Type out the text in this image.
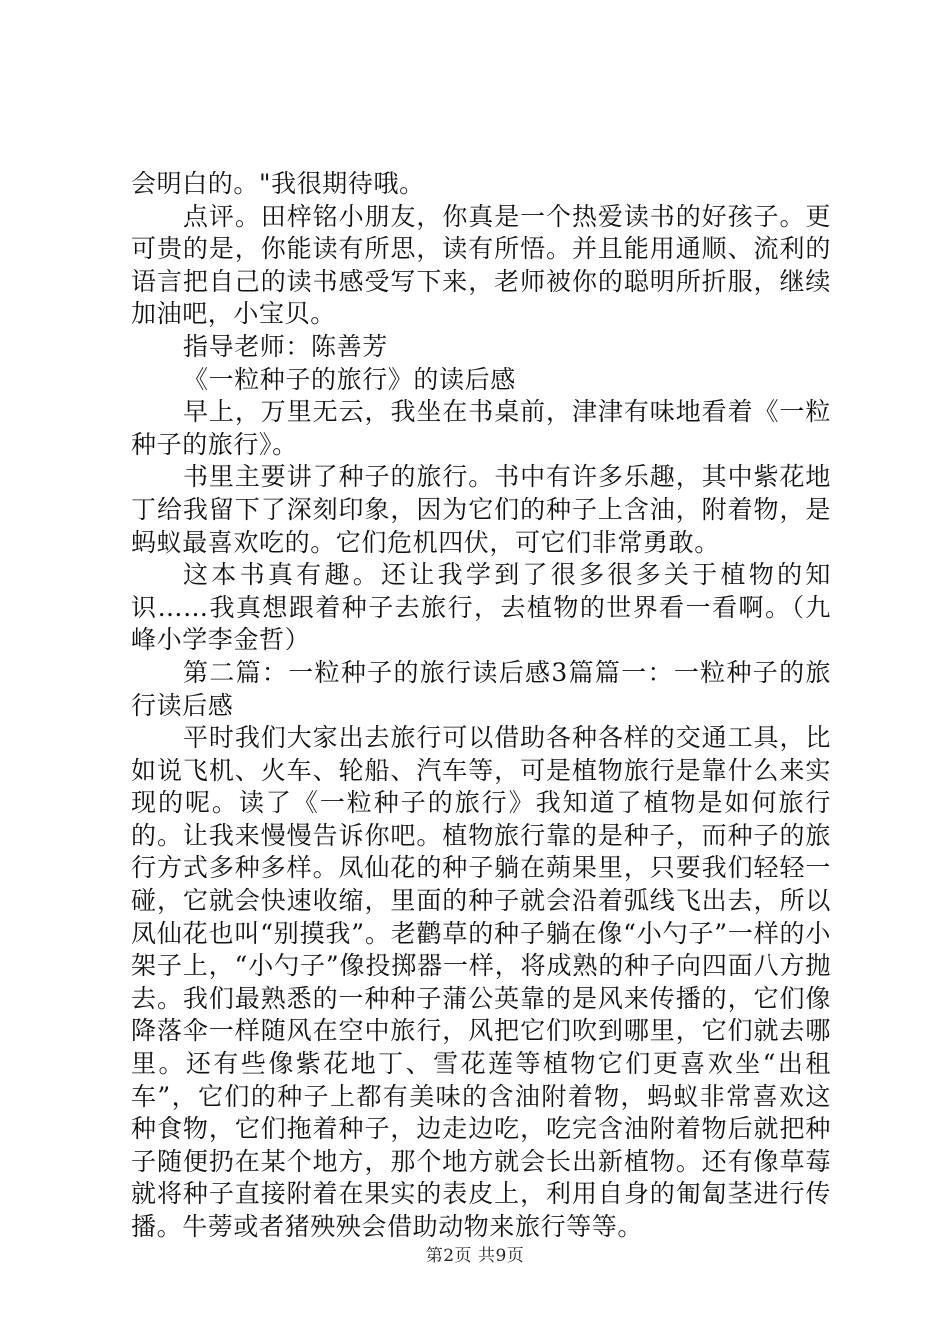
会明白的。"我很期待哦。

点评。田梓铭小朋友，你真是一个热爱读书的好孩子。更可贵的是，你能读有所思，读有所悟。并且能用通顺、流利的语言把自己的读书感受写下来，老师被你的聪明所折服，继续加油吧，小宝贝。

指导老师：陈善芳

《一粒种子的旅行》的读后感

早上，万里无云，我坐在书桌前，津津有味地看着《一粒种子的旅行》。

书里主要讲了种子的旅行。书中有许多乐趣，其中紫花地丁给我留下了深刻印象，因为它们的种子上含油，附着物，是蚂蚁最喜欢吃的。它们危机四伏，可它们非常勇敢。

这本书真有趣。还让我学到了很多很多关于植物的知识……我真想跟着种子去旅行，去植物的世界看一看啊。（九峰小学李金哲）

第二篇：一粒种子的旅行读后感3篇篇一：一粒种子的旅行读后感

平时我们大家出去旅行可以借助各种各样的交通工具，比如说飞机、火车、轮船、汽车等，可是植物旅行是靠什么来实现的呢。读了《一粒种子的旅行》我知道了植物是如何旅行的。让我来慢慢告诉你吧。植物旅行靠的是种子，而种子的旅行方式多种多样。凤仙花的种子躺在蒴果里，只要我们轻轻一碰，它就会快速收缩，里面的种子就会沿着弧线飞出去，所以凤仙花也叫“别摸我”。老鹳草的种子躺在像“小勺子”一样的小架子上，“小勺子”像投掷器一样，将成熟的种子向四面八方抛去。我们最熟悉的一种种子蒲公英靠的是风来传播的，它们像降落伞一样随风在空中旅行，风把它们吹到哪里，它们就去哪里。还有些像紫花地丁、雪花莲等植物它们更喜欢坐“出租车”，它们的种子上都有美味的含油附着物，蚂蚁非常喜欢这种食物，它们拖着种子，边走边吃，吃完含油附着物后就把种子随便扔在某个地方，那个地方就会长出新植物。还有像草莓就将种子直接附着在果实的表皮上，利用自身的匍匐茎进行传播。牛蒡或者猪殃殃会借助动物来旅行等等。

第2页 共9页
